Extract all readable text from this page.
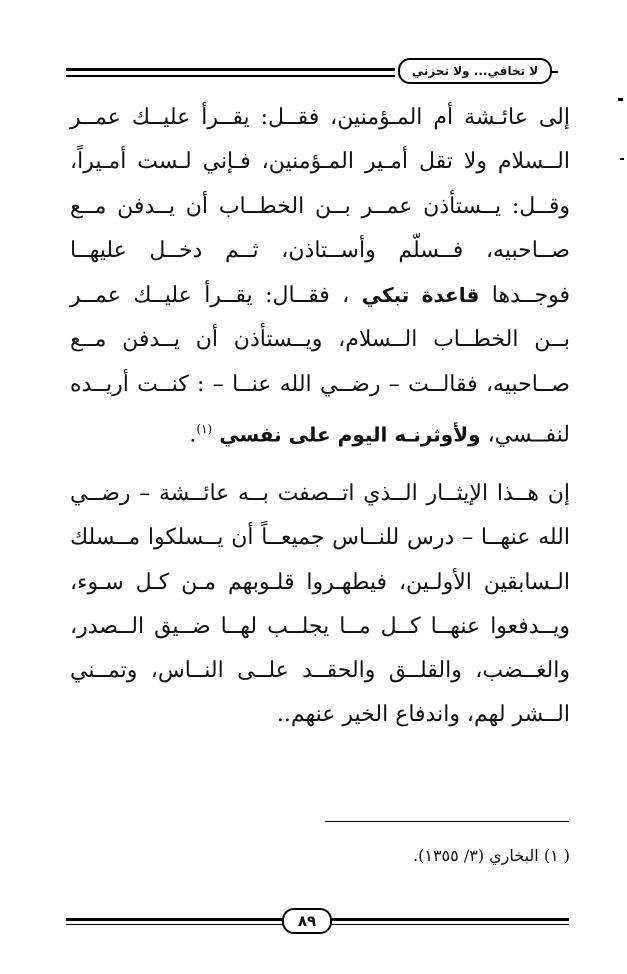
لا تخافي... ولا تحزني

إلى عائـشة أم المـؤمنين، فقــل: يقــرأ عليــك عمــر الــسلام ولا تقل أمـير المـؤمنين، فـإني لـست أمـيراً، وقــل: يــستأذن عمــر بــن الخطــاب أن يــدفن مــع صــاحبيه، فــسلّم وأســتاذن، ثــم دخــل عليهــا فوجــدها قاعدة تبكي ، فقــال: يقــرأ عليــك عمــر بــن الخطــاب الــسلام، ويــستأذن أن يــدفن مــع صــاحبيه، فقالــت – رضــي الله عنــا – : كنــت أريــده لنفــسي، ولأوثرنـه اليوم على نفسي $^{(١)}$.

إن هــذا الإيثــار الــذي اتــصفت بــه عائــشة – رضــي الله عنهــا – درس للنــاس جميعــاً أن يــسلكوا مــسلك الـسابقين الأولـين، فيطهـروا قلـوبهم مـن كـل سـوء، ويــدفعوا عنهــا كــل مــا يجلــب لهــا ضــيق الــصدر، والغــضب، والقلــق والحقــد علــى النــاس، وتمــني الــشر لهم، واندفاع الخير عنهم..

( ١) البخاري (٣/ ١٣٥٥).
٨٩
